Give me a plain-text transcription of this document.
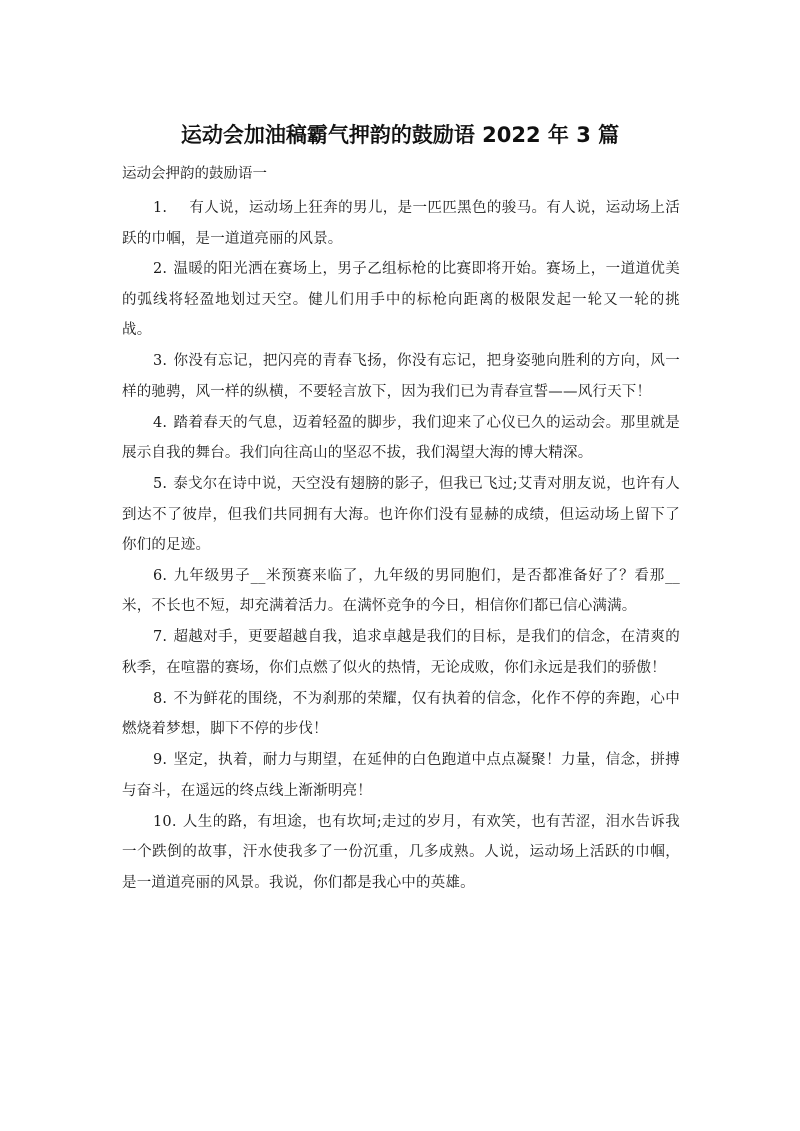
运动会加油稿霸气押韵的鼓励语 2022 年 3 篇
运动会押韵的鼓励语一

1. 有人说，运动场上狂奔的男儿，是一匹匹黑色的骏马。有人说，运动场上活跃的巾帼，是一道道亮丽的风景。

2. 温暖的阳光洒在赛场上，男子乙组标枪的比赛即将开始。赛场上，一道道优美的弧线将轻盈地划过天空。健儿们用手中的标枪向距离的极限发起一轮又一轮的挑战。

3. 你没有忘记，把闪亮的青春飞扬，你没有忘记，把身姿驰向胜利的方向，风一样的驰骋，风一样的纵横，不要轻言放下，因为我们已为青春宣誓——风行天下！

4. 踏着春天的气息，迈着轻盈的脚步，我们迎来了心仪已久的运动会。那里就是展示自我的舞台。我们向往高山的坚忍不拔，我们渴望大海的博大精深。

5. 泰戈尔在诗中说，天空没有翅膀的影子，但我已飞过;艾青对朋友说，也许有人到达不了彼岸，但我们共同拥有大海。也许你们没有显赫的成绩，但运动场上留下了你们的足迹。

6. 九年级男子__米预赛来临了，九年级的男同胞们，是否都准备好了？看那__米，不长也不短，却充满着活力。在满怀竞争的今日，相信你们都已信心满满。

7. 超越对手，更要超越自我，追求卓越是我们的目标，是我们的信念，在清爽的秋季，在喧嚣的赛场，你们点燃了似火的热情，无论成败，你们永远是我们的骄傲！

8. 不为鲜花的围绕，不为刹那的荣耀，仅有执着的信念，化作不停的奔跑，心中燃烧着梦想，脚下不停的步伐！

9. 坚定，执着，耐力与期望，在延伸的白色跑道中点点凝聚！力量，信念，拼搏与奋斗，在遥远的终点线上渐渐明亮！

10. 人生的路，有坦途，也有坎坷;走过的岁月，有欢笑，也有苦涩，泪水告诉我一个跌倒的故事，汗水使我多了一份沉重，几多成熟。人说，运动场上活跃的巾帼，是一道道亮丽的风景。我说，你们都是我心中的英雄。
